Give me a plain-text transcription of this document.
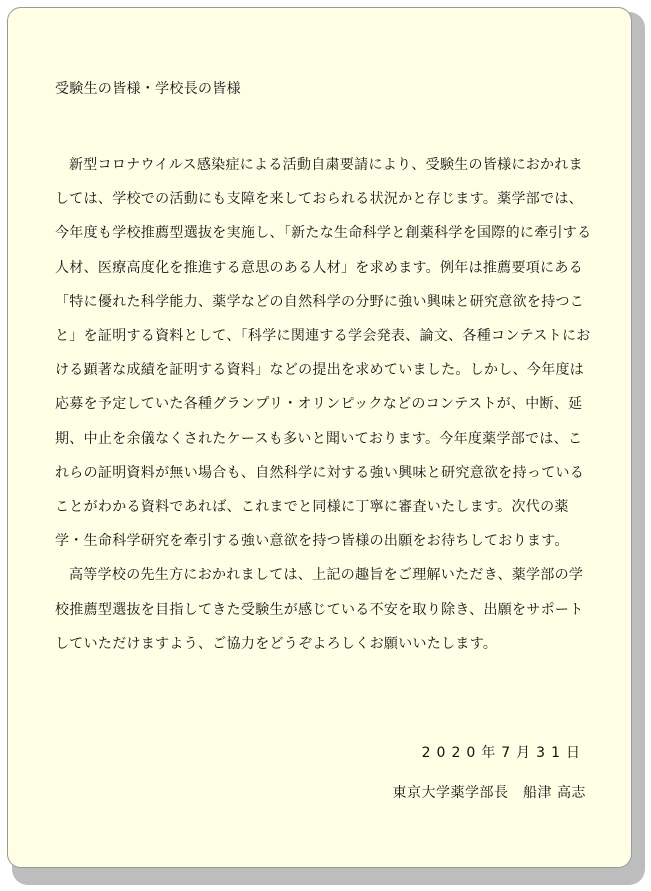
受験生の皆様・学校長の皆様

新型コロナウイルス感染症による活動自粛要請により、受験生の皆様におかれましては、学校での活動にも支障を来しておられる状況かと存じます。薬学部では、今年度も学校推薦型選抜を実施し、「新たな生命科学と創薬科学を国際的に牽引する人材、医療高度化を推進する意思のある人材」を求めます。例年は推薦要項にある「特に優れた科学能力、薬学などの自然科学の分野に強い興味と研究意欲を持つこと」を証明する資料として、「科学に関連する学会発表、論文、各種コンテストにおける顕著な成績を証明する資料」などの提出を求めていました。しかし、今年度は応募を予定していた各種グランプリ・オリンピックなどのコンテストが、中断、延期、中止を余儀なくされたケースも多いと聞いております。今年度薬学部では、これらの証明資料が無い場合も、自然科学に対する強い興味と研究意欲を持っていることがわかる資料であれば、これまでと同様に丁寧に審査いたします。次代の薬学・生命科学研究を牽引する強い意欲を持つ皆様の出願をお待ちしております。

高等学校の先生方におかれましては、上記の趣旨をご理解いただき、薬学部の学校推薦型選抜を目指してきた受験生が感じている不安を取り除き、出願をサポートしていただけますよう、ご協力をどうぞよろしくお願いいたします。

2020年7月31日
東京大学薬学部長　船津 高志
